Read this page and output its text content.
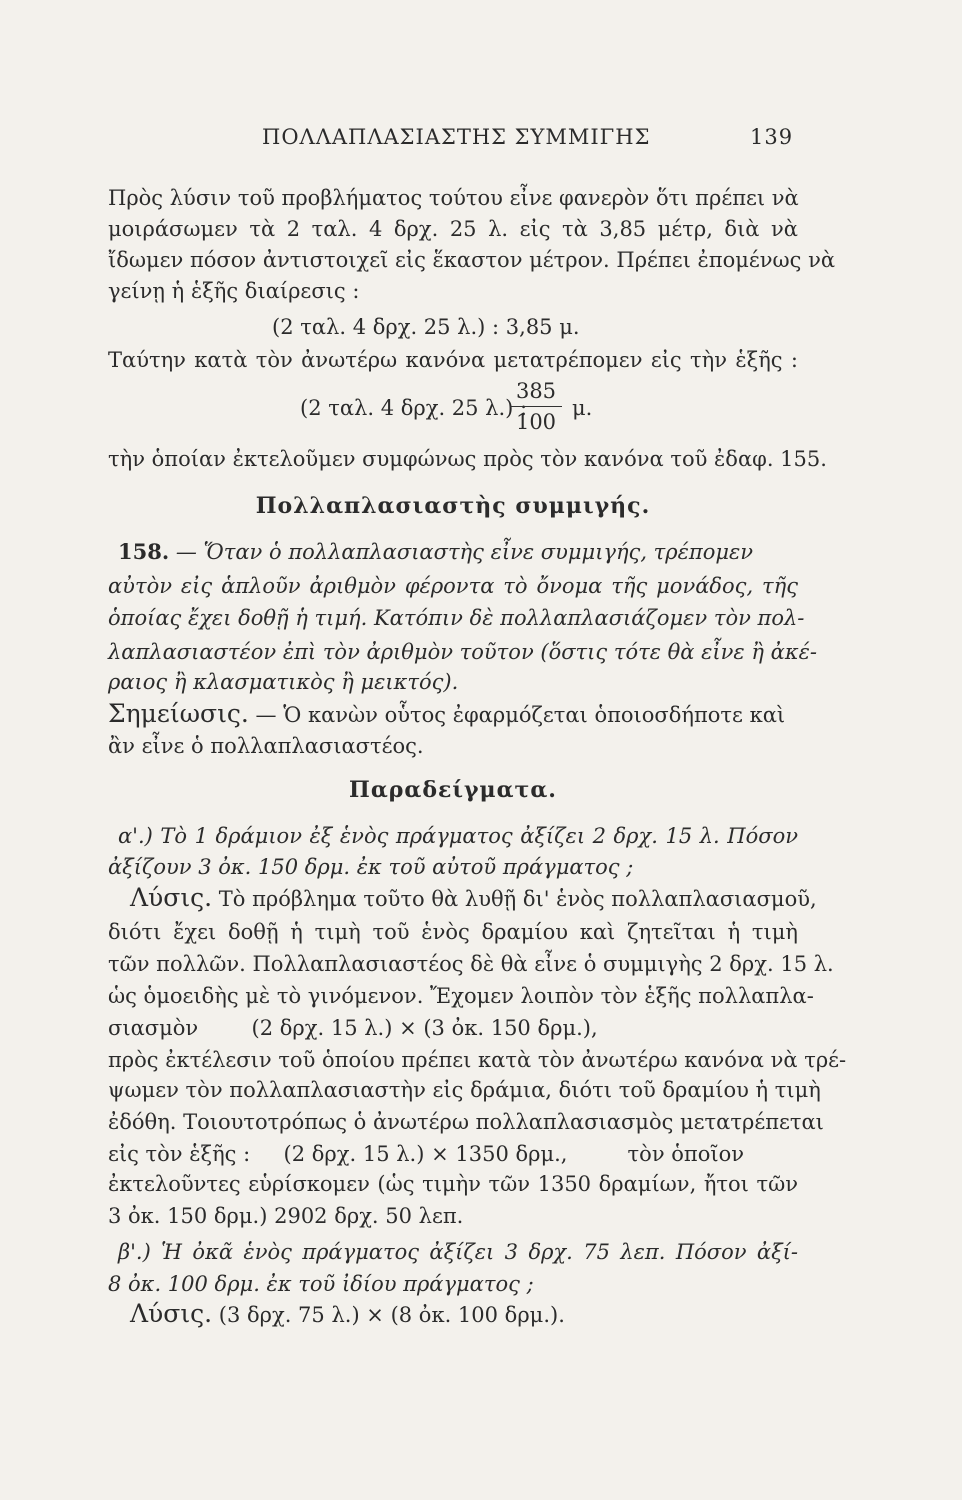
ΠΟΛΛΑΠΛΑΣΙΑΣΤΗΣ ΣΥΜΜΙΓΗΣ	139
Πρὸς λύσιν τοῦ προβλήματος τούτου εἶνε φανερὸν ὅτι πρέπει νὰ
μοιράσωμεν τὰ 2 ταλ. 4 δρχ. 25 λ. εἰς τὰ 3,85 μέτρ, διὰ νὰ
ἴδωμεν πόσον ἀντιστοιχεῖ εἰς ἕκαστον μέτρον. Πρέπει ἐπομένως νὰ
γείνῃ ἡ ἑξῆς διαίρεσις :
(2 ταλ. 4 δρχ. 25 λ.) : 3,85 μ.
Ταύτην κατὰ τὸν ἀνωτέρω κανόνα μετατρέπομεν εἰς τὴν ἑξῆς :
(2 ταλ. 4 δρχ. 25 λ.) :
385
100
μ.
τὴν ὁποίαν ἐκτελοῦμεν συμφώνως πρὸς τὸν κανόνα τοῦ ἐδαφ. 155.
Πολλαπλασιαστὴς συμμιγής.
158. — Ὅταν ὁ πολλαπλασιαστὴς εἶνε συμμιγής, τρέπομεν
αὐτὸν εἰς ἁπλοῦν ἀριθμὸν φέροντα τὸ ὄνομα τῆς μονάδος, τῆς
ὁποίας ἔχει δοθῇ ἡ τιμή. Κατόπιν δὲ πολλαπλασιάζομεν τὸν πολ-
λαπλασιαστέον ἐπὶ τὸν ἀριθμὸν τοῦτον (ὅστις τότε θὰ εἶνε ἢ ἀκέ-
ραιος ἢ κλασματικὸς ἢ μεικτός).
Σημείωσις. — Ὁ κανὼν οὗτος ἐφαρμόζεται ὁποιοσδήποτε καὶ
ἂν εἶνε ὁ πολλαπλασιαστέος.
Παραδείγματα.
α'.) Τὸ 1 δράμιον ἐξ ἑνὸς πράγματος ἀξίζει 2 δρχ. 15 λ. Πόσον
ἀξίζουν 3 ὀκ. 150 δρμ. ἐκ τοῦ αὐτοῦ πράγματος ;
Λύσις. Τὸ πρόβλημα τοῦτο θὰ λυθῇ δι' ἑνὸς πολλαπλασιασμοῦ,
διότι ἔχει δοθῇ ἡ τιμὴ τοῦ ἑνὸς δραμίου καὶ ζητεῖται ἡ τιμὴ
τῶν πολλῶν. Πολλαπλασιαστέος δὲ θὰ εἶνε ὁ συμμιγὴς 2 δρχ. 15 λ.
ὡς ὁμοειδὴς μὲ τὸ γινόμενον. Ἔχομεν λοιπὸν τὸν ἑξῆς πολλαπλα-
σιασμὸν        (2 δρχ. 15 λ.) × (3 ὀκ. 150 δρμ.),
πρὸς ἐκτέλεσιν τοῦ ὁποίου πρέπει κατὰ τὸν ἀνωτέρω κανόνα νὰ τρέ-
ψωμεν τὸν πολλαπλασιαστὴν εἰς δράμια, διότι τοῦ δραμίου ἡ τιμὴ
ἐδόθη. Τοιουτοτρόπως ὁ ἀνωτέρω πολλαπλασιασμὸς μετατρέπεται
εἰς τὸν ἑξῆς :     (2 δρχ. 15 λ.) × 1350 δρμ.,         τὸν ὁποῖον
ἐκτελοῦντες εὑρίσκομεν (ὡς τιμὴν τῶν 1350 δραμίων, ἤτοι τῶν
3 ὀκ. 150 δρμ.) 2902 δρχ. 50 λεπ.
β'.) Ἡ ὀκᾶ ἑνὸς πράγματος ἀξίζει 3 δρχ. 75 λεπ. Πόσον ἀξί-
8 ὀκ. 100 δρμ. ἐκ τοῦ ἰδίου πράγματος ;
Λύσις. (3 δρχ. 75 λ.) × (8 ὀκ. 100 δρμ.).
